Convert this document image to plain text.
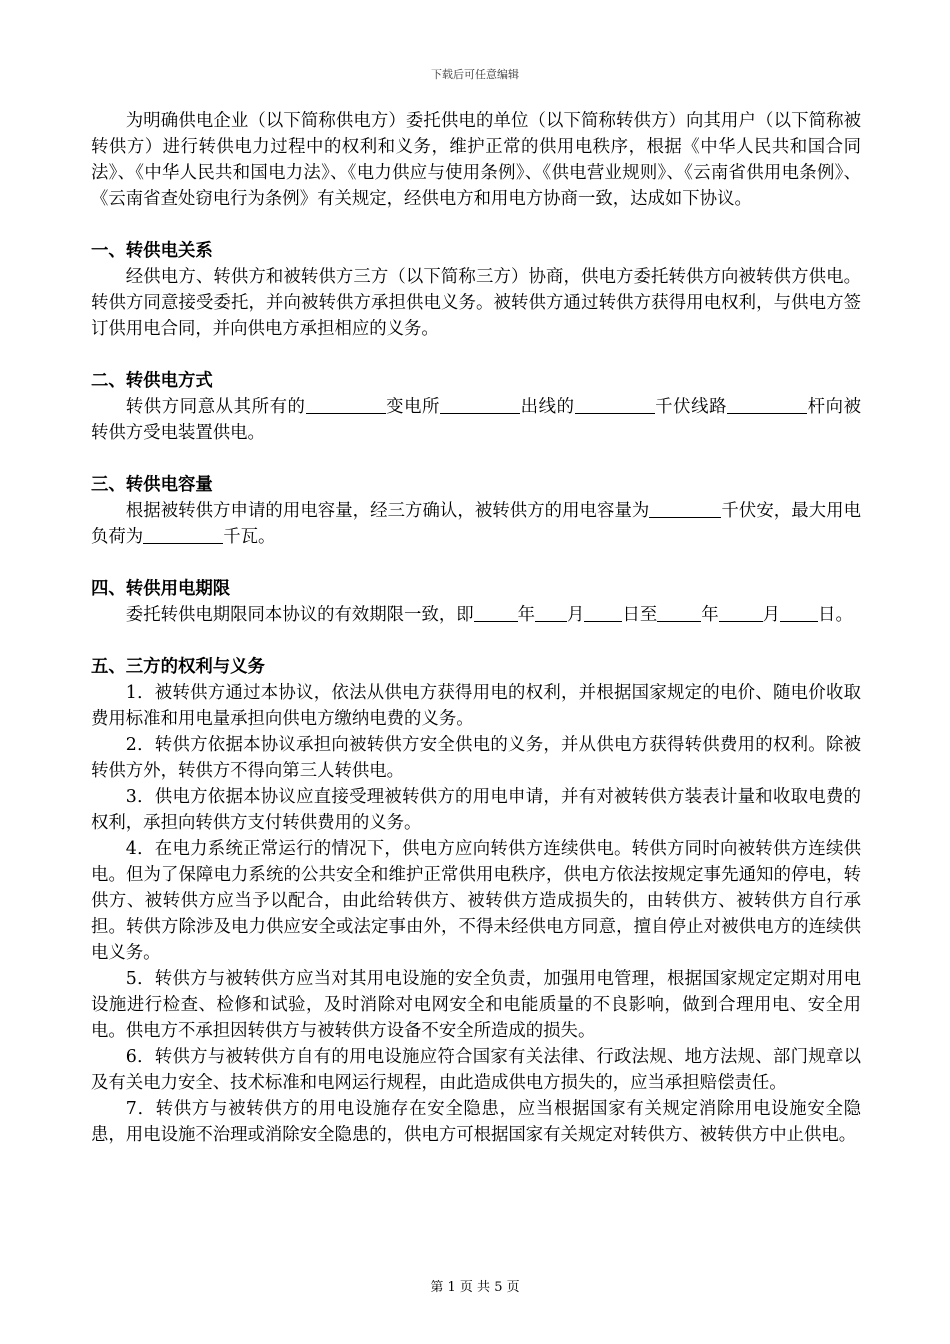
下载后可任意编辑

为明确供电企业（以下简称供电方）委托供电的单位（以下简称转供方）向其用户（以下简称被转供方）进行转供电力过程中的权利和义务，维护正常的供用电秩序，根据《中华人民共和国合同法》、《中华人民共和国电力法》、《电力供应与使用条例》、《供电营业规则》、《云南省供用电条例》、《云南省查处窃电行为条例》有关规定，经供电方和用电方协商一致，达成如下协议。

一、转供电关系

经供电方、转供方和被转供方三方（以下简称三方）协商，供电方委托转供方向被转供方供电。转供方同意接受委托，并向被转供方承担供电义务。被转供方通过转供方获得用电权利，与供电方签订供用电合同，并向供电方承担相应的义务。

二、转供电方式

转供方同意从其所有的	变电所	出线的	千伏线路	杆向被转供方受电装置供电。

三、转供电容量

根据被转供方申请的用电容量，经三方确认，被转供方的用电容量为	千伏安，最大用电负荷为	千瓦。

四、转供用电期限

委托转供电期限同本协议的有效期限一致，即	年 月 日至	年	月 日。

五、三方的权利与义务

1．被转供方通过本协议，依法从供电方获得用电的权利，并根据国家规定的电价、随电价收取费用标准和用电量承担向供电方缴纳电费的义务。

2．转供方依据本协议承担向被转供方安全供电的义务，并从供电方获得转供费用的权利。除被转供方外，转供方不得向第三人转供电。

3．供电方依据本协议应直接受理被转供方的用电申请，并有对被转供方装表计量和收取电费的权利，承担向转供方支付转供费用的义务。

4．在电力系统正常运行的情况下，供电方应向转供方连续供电。转供方同时向被转供方连续供电。但为了保障电力系统的公共安全和维护正常供用电秩序，供电方依法按规定事先通知的停电，转供方、被转供方应当予以配合，由此给转供方、被转供方造成损失的，由转供方、被转供方自行承担。转供方除涉及电力供应安全或法定事由外，不得未经供电方同意，擅自停止对被供电方的连续供电义务。

5．转供方与被转供方应当对其用电设施的安全负责，加强用电管理，根据国家规定定期对用电设施进行检查、检修和试验，及时消除对电网安全和电能质量的不良影响，做到合理用电、安全用电。供电方不承担因转供方与被转供方设备不安全所造成的损失。

6．转供方与被转供方自有的用电设施应符合国家有关法律、行政法规、地方法规、部门规章以及有关电力安全、技术标准和电网运行规程，由此造成供电方损失的，应当承担赔偿责任。

7．转供方与被转供方的用电设施存在安全隐患，应当根据国家有关规定消除用电设施安全隐患，用电设施不治理或消除安全隐患的，供电方可根据国家有关规定对转供方、被转供方中止供电。

第 1 页 共 5 页
